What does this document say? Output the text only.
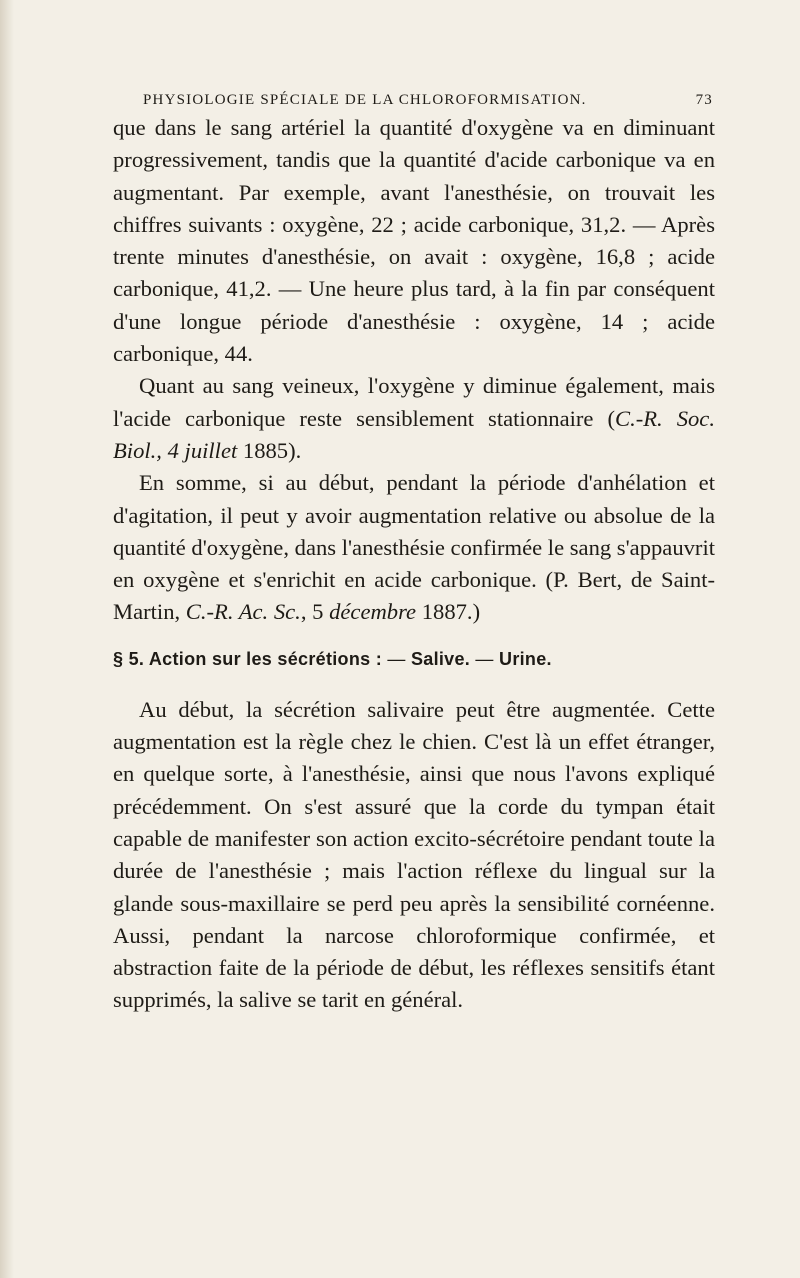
PHYSIOLOGIE SPÉCIALE DE LA CHLOROFORMISATION.	73

que dans le sang artériel la quantité d'oxygène va en diminuant progressivement, tandis que la quantité d'acide carbonique va en augmentant. Par exemple, avant l'anesthésie, on trouvait les chiffres suivants : oxygène, 22 ; acide carbonique, 31,2. — Après trente minutes d'anesthésie, on avait : oxygène, 16,8 ; acide carbonique, 41,2. — Une heure plus tard, à la fin par conséquent d'une longue période d'anesthésie : oxygène, 14 ; acide carbonique, 44.

Quant au sang veineux, l'oxygène y diminue également, mais l'acide carbonique reste sensiblement stationnaire (C.-R. Soc. Biol., 4 juillet 1885).

En somme, si au début, pendant la période d'anhélation et d'agitation, il peut y avoir augmentation relative ou absolue de la quantité d'oxygène, dans l'anesthésie confirmée le sang s'appauvrit en oxygène et s'enrichit en acide carbonique. (P. Bert, de Saint-Martin, C.-R. Ac. Sc., 5 décembre 1887.)

§ 5. Action sur les sécrétions : — Salive. — Urine.

Au début, la sécrétion salivaire peut être augmentée. Cette augmentation est la règle chez le chien. C'est là un effet étranger, en quelque sorte, à l'anesthésie, ainsi que nous l'avons expliqué précédemment. On s'est assuré que la corde du tympan était capable de manifester son action excito-sécrétoire pendant toute la durée de l'anesthésie ; mais l'action réflexe du lingual sur la glande sous-maxillaire se perd peu après la sensibilité cornéenne. Aussi, pendant la narcose chloroformique confirmée, et abstraction faite de la période de début, les réflexes sensitifs étant supprimés, la salive se tarit en général.
